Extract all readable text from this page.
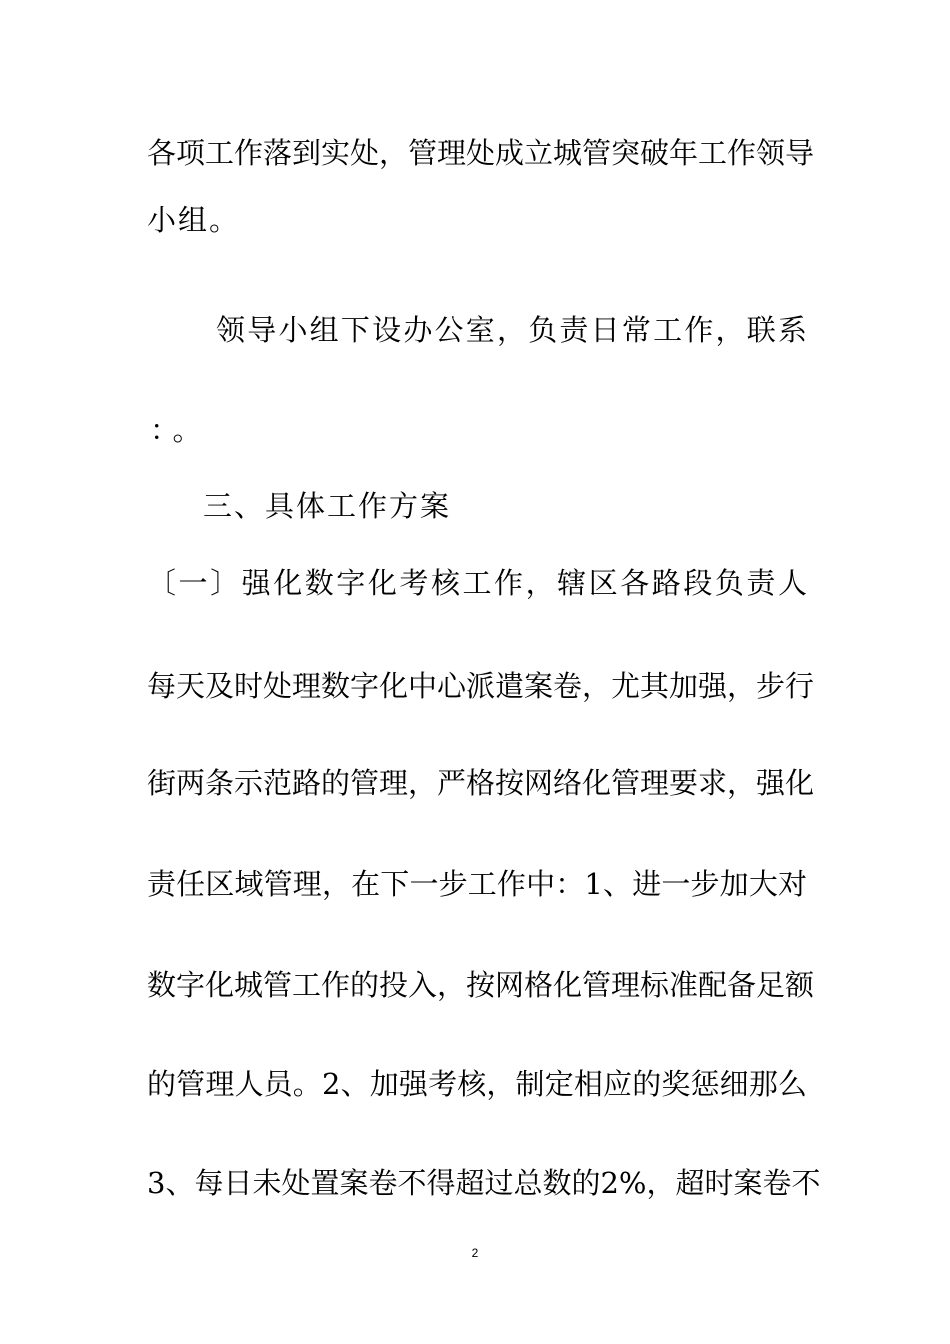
各项工作落到实处，管理处成立城管突破年工作领导
小组。
领导小组下设办公室，负责日常工作，联系
：。
三、具体工作方案
〔一〕强化数字化考核工作，辖区各路段负责人
每天及时处理数字化中心派遣案卷，尤其加强，步行
街两条示范路的管理，严格按网络化管理要求，强化
责任区域管理，在下一步工作中：1、进一步加大对
数字化城管工作的投入，按网格化管理标准配备足额
的管理人员。2、加强考核，制定相应的奖惩细那么
3、每日未处置案卷不得超过总数的2%，超时案卷不
2
